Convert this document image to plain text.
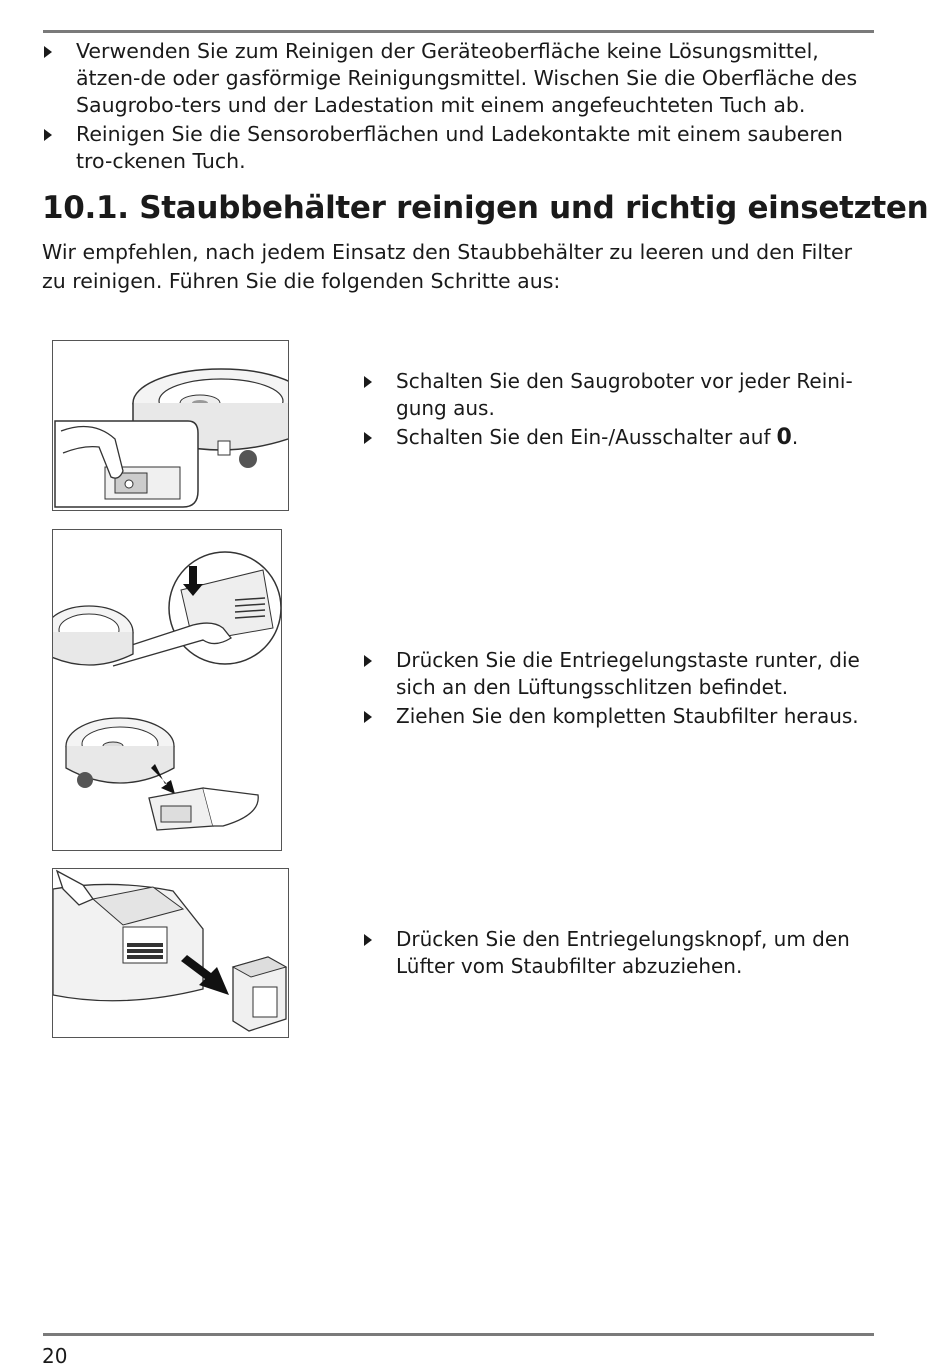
Verwenden Sie zum Reinigen der Geräteoberfläche keine Lösungsmittel, ätzen-de oder gasförmige Reinigungsmittel. Wischen Sie die Oberfläche des Saugrobo-ters und der Ladestation mit einem angefeuchteten Tuch ab.
Reinigen Sie die Sensoroberflächen und Ladekontakte mit einem sauberen tro-ckenen Tuch.
10.1. Staubbehälter reinigen und richtig einsetzten

Wir empfehlen, nach jedem Einsatz den Staubbehälter zu leeren und den Filter zu reinigen. Führen Sie die folgenden Schritte aus:

Schalten Sie den Saugroboter vor jeder Reini-gung aus.
Schalten Sie den Ein-/Ausschalter auf 0.
Drücken Sie die Entriegelungstaste runter, die sich an den Lüftungsschlitzen befindet.
Ziehen Sie den kompletten Staubfilter heraus.
Drücken Sie den Entriegelungsknopf, um den Lüfter vom Staubfilter abzuziehen.
20
